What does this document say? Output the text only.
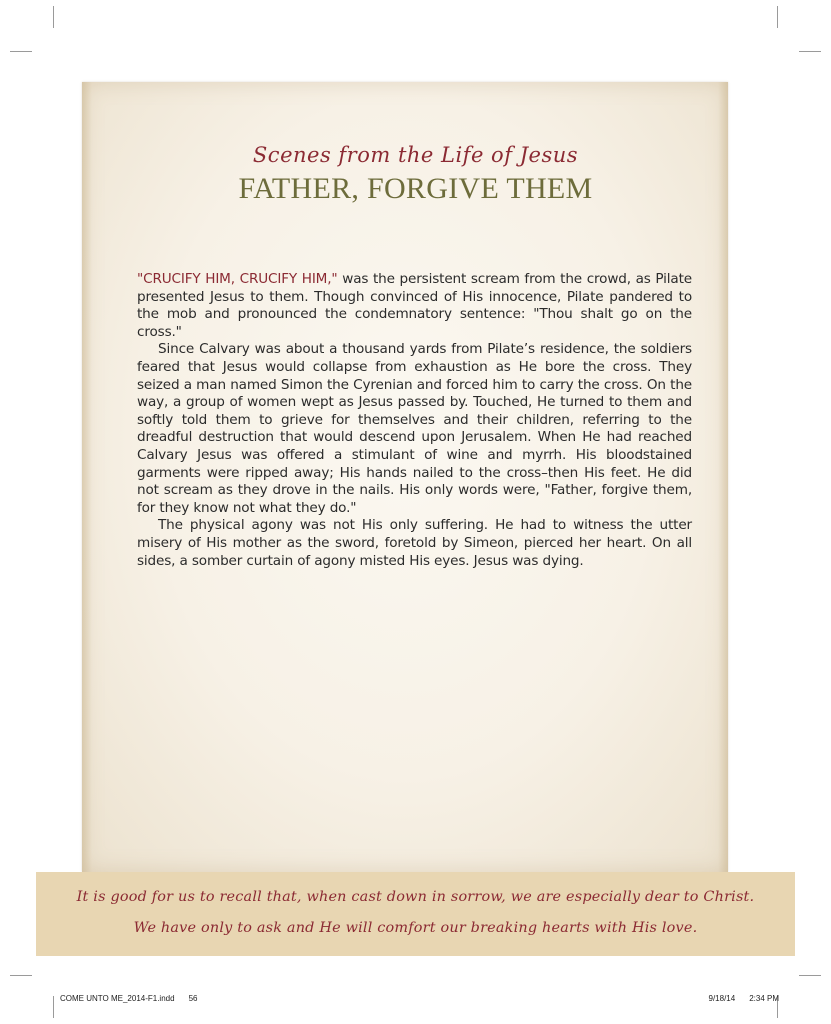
Scenes from the Life of Jesus
FATHER, FORGIVE THEM

"CRUCIFY HIM, CRUCIFY HIM," was the persistent scream from the crowd, as Pilate presented Jesus to them. Though convinced of His innocence, Pilate pandered to the mob and pronounced the condemnatory sentence: "Thou shalt go on the cross."

Since Calvary was about a thousand yards from Pilate’s residence, the soldiers feared that Jesus would collapse from exhaustion as He bore the cross. They seized a man named Simon the Cyrenian and forced him to carry the cross. On the way, a group of women wept as Jesus passed by. Touched, He turned to them and softly told them to grieve for themselves and their children, referring to the dreadful destruction that would descend upon Jerusalem. When He had reached Calvary Jesus was offered a stimulant of wine and myrrh. His bloodstained garments were ripped away; His hands nailed to the cross–then His feet. He did not scream as they drove in the nails. His only words were, "Father, forgive them, for they know not what they do."

The physical agony was not His only suffering. He had to witness the utter misery of His mother as the sword, foretold by Simeon, pierced her heart. On all sides, a somber curtain of agony misted His eyes. Jesus was dying.

It is good for us to recall that, when cast down in sorrow, we are especially dear to Christ.
We have only to ask and He will comfort our breaking hearts with His love.
COME UNTO ME_2014-F1.indd 56	9/18/14 2:34 PM
